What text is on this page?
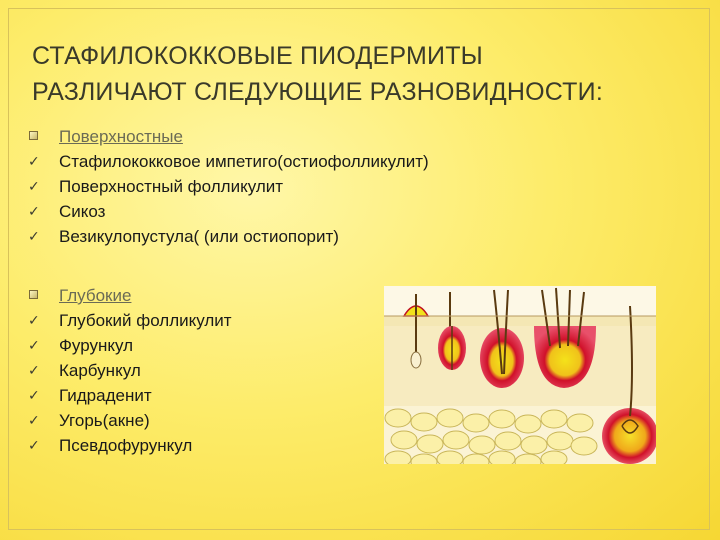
СТАФИЛОКОККОВЫЕ ПИОДЕРМИТЫ
РАЗЛИЧАЮТ СЛЕДУЮЩИЕ РАЗНОВИДНОСТИ:
Поверхностные
✓ Стафилококковое импетиго(остиофолликулит)
✓ Поверхностный фолликулит
✓ Сикоз
✓ Везикулопустула( (или остиопорит)
Глубокие
✓ Глубокий фолликулит
✓ Фурункул
✓ Карбункул
✓ Гидраденит
✓ Угорь(акне)
✓ Псевдофурункул
